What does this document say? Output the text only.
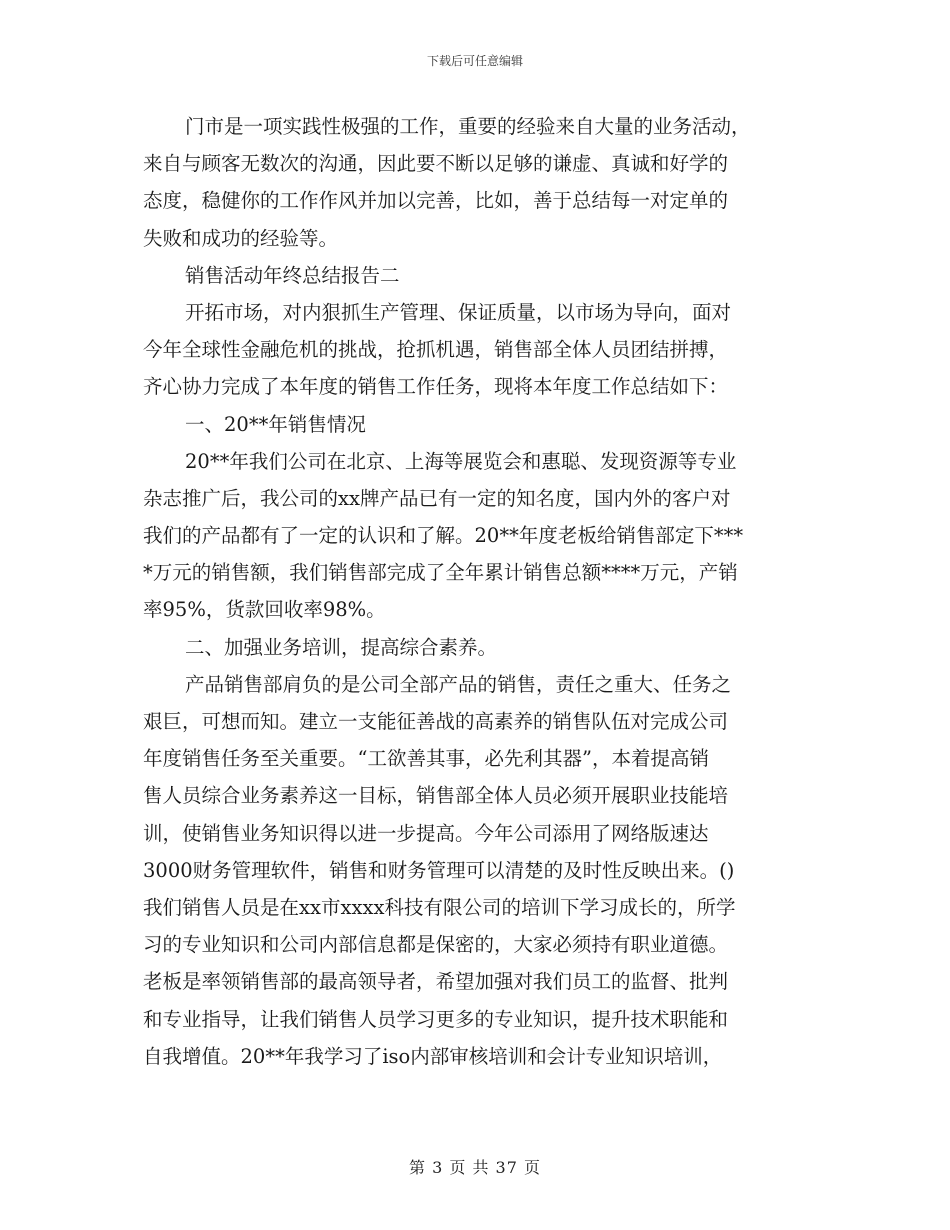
下载后可任意编辑
门市是一项实践性极强的工作，重要的经验来自大量的业务活动，
来自与顾客无数次的沟通，因此要不断以足够的谦虚、真诚和好学的
态度，稳健你的工作作风并加以完善，比如，善于总结每一对定单的
失败和成功的经验等。
销售活动年终总结报告二
开拓市场，对内狠抓生产管理、保证质量，以市场为导向，面对
今年全球性金融危机的挑战，抢抓机遇，销售部全体人员团结拼搏，
齐心协力完成了本年度的销售工作任务，现将本年度工作总结如下：
一、20**年销售情况
20**年我们公司在北京、上海等展览会和惠聪、发现资源等专业
杂志推广后，我公司的xx牌产品已有一定的知名度，国内外的客户对
我们的产品都有了一定的认识和了解。20**年度老板给销售部定下***
*万元的销售额，我们销售部完成了全年累计销售总额****万元，产销
率95%，货款回收率98%。
二、加强业务培训，提高综合素养。
产品销售部肩负的是公司全部产品的销售，责任之重大、任务之
艰巨，可想而知。建立一支能征善战的高素养的销售队伍对完成公司
年度销售任务至关重要。“工欲善其事，必先利其器”，本着提高销
售人员综合业务素养这一目标，销售部全体人员必须开展职业技能培
训，使销售业务知识得以进一步提高。今年公司添用了网络版速达
3000财务管理软件，销售和财务管理可以清楚的及时性反映出来。()
我们销售人员是在xx市xxxx科技有限公司的培训下学习成长的，所学
习的专业知识和公司内部信息都是保密的，大家必须持有职业道德。
老板是率领销售部的最高领导者，希望加强对我们员工的监督、批判
和专业指导，让我们销售人员学习更多的专业知识，提升技术职能和
自我增值。20**年我学习了iso内部审核培训和会计专业知识培训，
第 3 页 共 37 页
